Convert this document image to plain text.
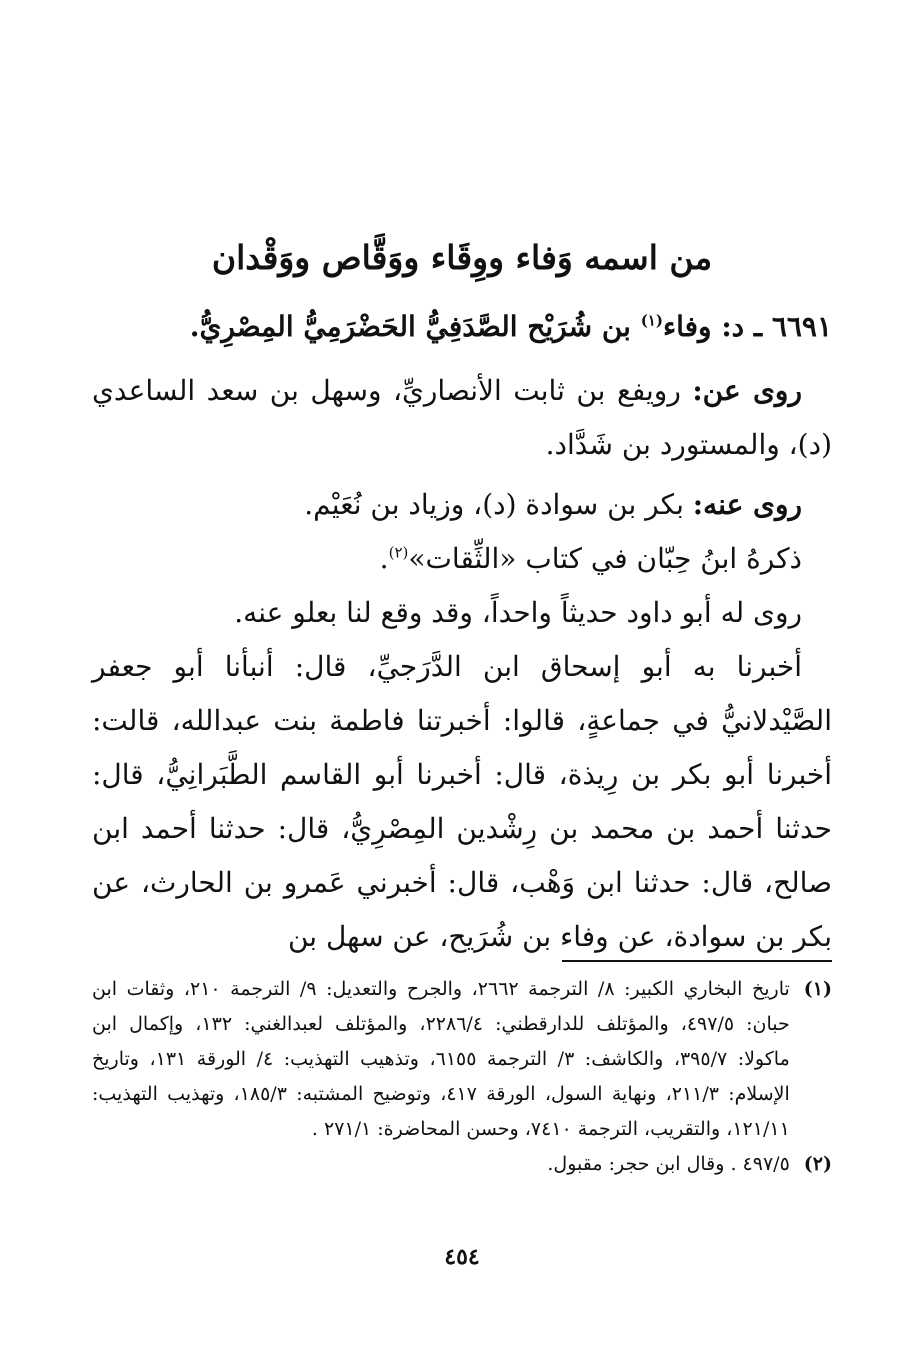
من اسمه وَفاء ووِقَاء ووَقَّاص ووَقْدان

٦٦٩١ ـ د: وفاء$^{(١)}$ بن شُرَيْح الصَّدَفِيُّ الحَضْرَمِيُّ المِصْرِيُّ.

روى عن: رويفع بن ثابت الأنصاريِّ، وسهل بن سعد الساعدي (د)، والمستورد بن شَدَّاد.

روى عنه: بكر بن سوادة (د)، وزياد بن نُعَيْم.

ذكرهُ ابنُ حِبّان في كتاب «الثِّقات»$^{(٢)}$.

روى له أبو داود حديثاً واحداً، وقد وقع لنا بعلو عنه.

أخبرنا به أبو إسحاق ابن الدَّرَجيِّ، قال: أنبأنا أبو جعفر الصَّيْدلانيُّ في جماعةٍ، قالوا: أخبرتنا فاطمة بنت عبدالله، قالت: أخبرنا أبو بكر بن رِيذة، قال: أخبرنا أبو القاسم الطَّبَرانِيُّ، قال: حدثنا أحمد بن محمد بن رِشْدين المِصْرِيُّ، قال: حدثنا أحمد ابن صالح، قال: حدثنا ابن وَهْب، قال: أخبرني عَمرو بن الحارث، عن بكر بن سوادة، عن وفاء بن شُرَيح، عن سهل بن

(١)
تاريخ البخاري الكبير: ٨/ الترجمة ٢٦٦٢، والجرح والتعديل: ٩/ الترجمة ٢١٠، وثقات ابن حبان: ٤٩٧/٥، والمؤتلف للدارقطني: ٢٢٨٦/٤، والمؤتلف لعبدالغني: ١٣٢، وإكمال ابن ماكولا: ٣٩٥/٧، والكاشف: ٣/ الترجمة ٦١٥٥، وتذهيب التهذيب: ٤/ الورقة ١٣١، وتاريخ الإسلام: ٢١١/٣، ونهاية السول، الورقة ٤١٧، وتوضيح المشتبه: ١٨٥/٣، وتهذيب التهذيب: ١٢١/١١، والتقريب، الترجمة ٧٤١٠، وحسن المحاضرة: ٢٧١/١ .
(٢)
٤٩٧/٥ . وقال ابن حجر: مقبول.
٤٥٤
